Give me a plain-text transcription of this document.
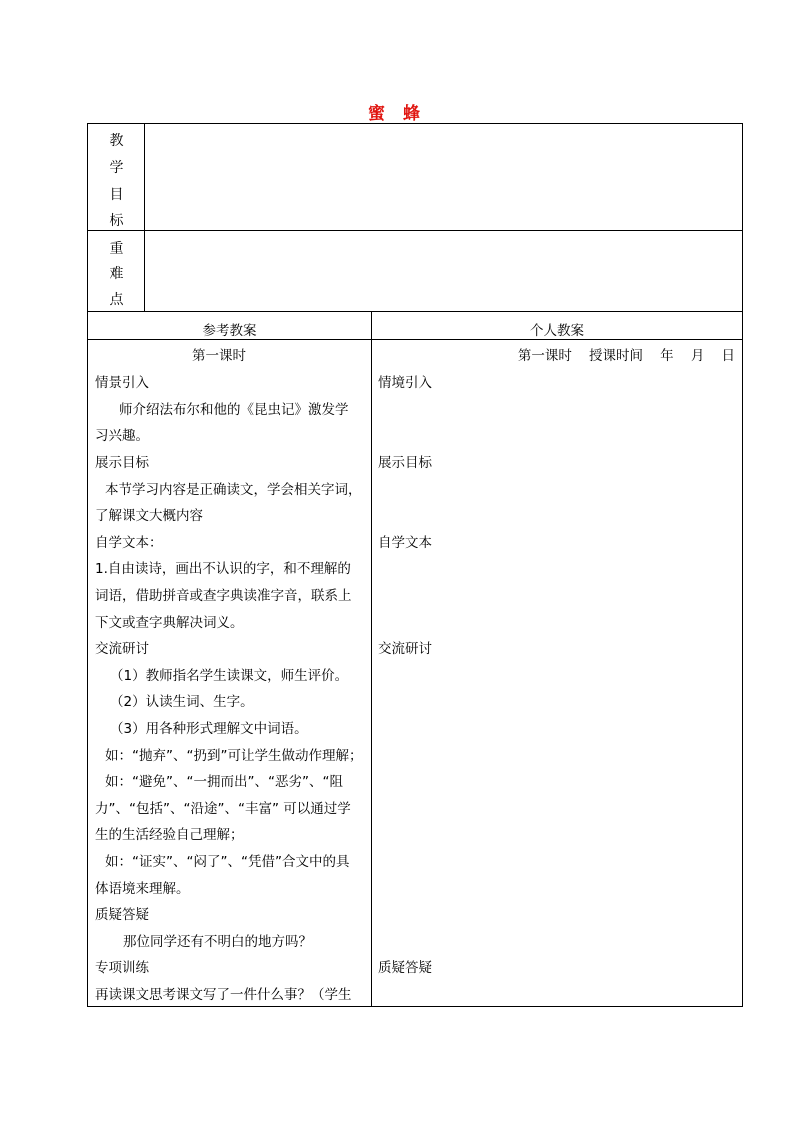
蜜 蜂
教
学
目
标
重
难
点
参考教案	个人教案
第一课时
情景引入
师介绍法布尔和他的《昆虫记》激发学
习兴趣。
展示目标
本节学习内容是正确读文，学会相关字词，
了解课文大概内容
自学文本：
1.自由读诗，画出不认识的字，和不理解的
词语，借助拼音或查字典读准字音，联系上
下文或查字典解决词义。
交流研讨
（1）教师指名学生读课文，师生评价。
（2）认读生词、生字。
（3）用各种形式理解文中词语。
如：“抛弃”、“扔到”可让学生做动作理解；
如：“避免”、“一拥而出”、“恶劣”、“阻
力”、“包括”、“沿途”、“丰富” 可以通过学
生的生活经验自己理解；
如：“证实”、“闷了”、“凭借”合文中的具
体语境来理解。
质疑答疑
那位同学还有不明白的地方吗？
专项训练
再读课文思考课文写了一件什么事？（学生
第一课时    授课时间    年    月    日
情境引入
展示目标
自学文本
交流研讨
质疑答疑
